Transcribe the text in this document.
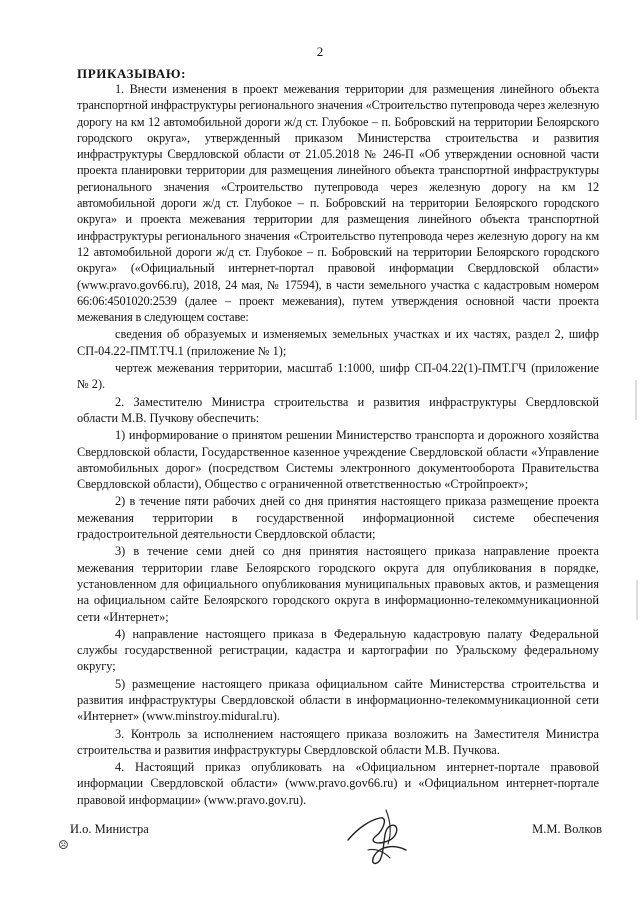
2
ПРИКАЗЫВАЮ:

1. Внести изменения в проект межевания территории для размещения линейного объекта транспортной инфраструктуры регионального значения «Строительство путепровода через железную дорогу на км 12 автомобильной дороги ж/д ст. Глубокое – п. Бобровский на территории Белоярского городского округа», утвержденный приказом Министерства строительства и развития инфраструктуры Свердловской области от 21.05.2018 № 246-П «Об утверждении основной части проекта планировки территории для размещения линейного объекта транспортной инфраструктуры регионального значения «Строительство путепровода через железную дорогу на км 12 автомобильной дороги ж/д ст. Глубокое – п. Бобровский на территории Белоярского городского округа» и проекта межевания территории для размещения линейного объекта транспортной инфраструктуры регионального значения «Строительство путепровода через железную дорогу на км 12 автомобильной дороги ж/д ст. Глубокое – п. Бобровский на территории Белоярского городского округа» («Официальный интернет-портал правовой информации Свердловской области» (www.pravo.gov66.ru), 2018, 24 мая, № 17594), в части земельного участка с кадастровым номером 66:06:4501020:2539 (далее – проект межевания), путем утверждения основной части проекта межевания в следующем составе:

сведения об образуемых и изменяемых земельных участках и их частях, раздел 2, шифр СП-04.22-ПМТ.ТЧ.1 (приложение № 1);

чертеж межевания территории, масштаб 1:1000, шифр СП-04.22(1)-ПМТ.ГЧ (приложение № 2).

2. Заместителю Министра строительства и развития инфраструктуры Свердловской области М.В. Пучкову обеспечить:

1) информирование о принятом решении Министерство транспорта и дорожного хозяйства Свердловской области, Государственное казенное учреждение Свердловской области «Управление автомобильных дорог» (посредством Системы электронного документооборота Правительства Свердловской области), Общество с ограниченной ответственностью «Стройпроект»;

2) в течение пяти рабочих дней со дня принятия настоящего приказа размещение проекта межевания территории в государственной информационной системе обеспечения градостроительной деятельности Свердловской области;

3) в течение семи дней со дня принятия настоящего приказа направление проекта межевания территории главе Белоярского городского округа для опубликования в порядке, установленном для официального опубликования муниципальных правовых актов, и размещения на официальном сайте Белоярского городского округа в информационно-телекоммуникационной сети «Интернет»;

4) направление настоящего приказа в Федеральную кадастровую палату Федеральной службы государственной регистрации, кадастра и картографии по Уральскому федеральному округу;

5) размещение настоящего приказа официальном сайте Министерства строительства и развития инфраструктуры Свердловской области в информационно-телекоммуникационной сети «Интернет» (www.minstroy.midural.ru).

3. Контроль за исполнением настоящего приказа возложить на Заместителя Министра строительства и развития инфраструктуры Свердловской области М.В. Пучкова.

4. Настоящий приказ опубликовать на «Официальном интернет-портале правовой информации Свердловской области» (www.pravo.gov66.ru) и «Официальном интернет-портале правовой информации» (www.pravo.gov.ru).

И.о. Министра	М.М. Волков
☹
